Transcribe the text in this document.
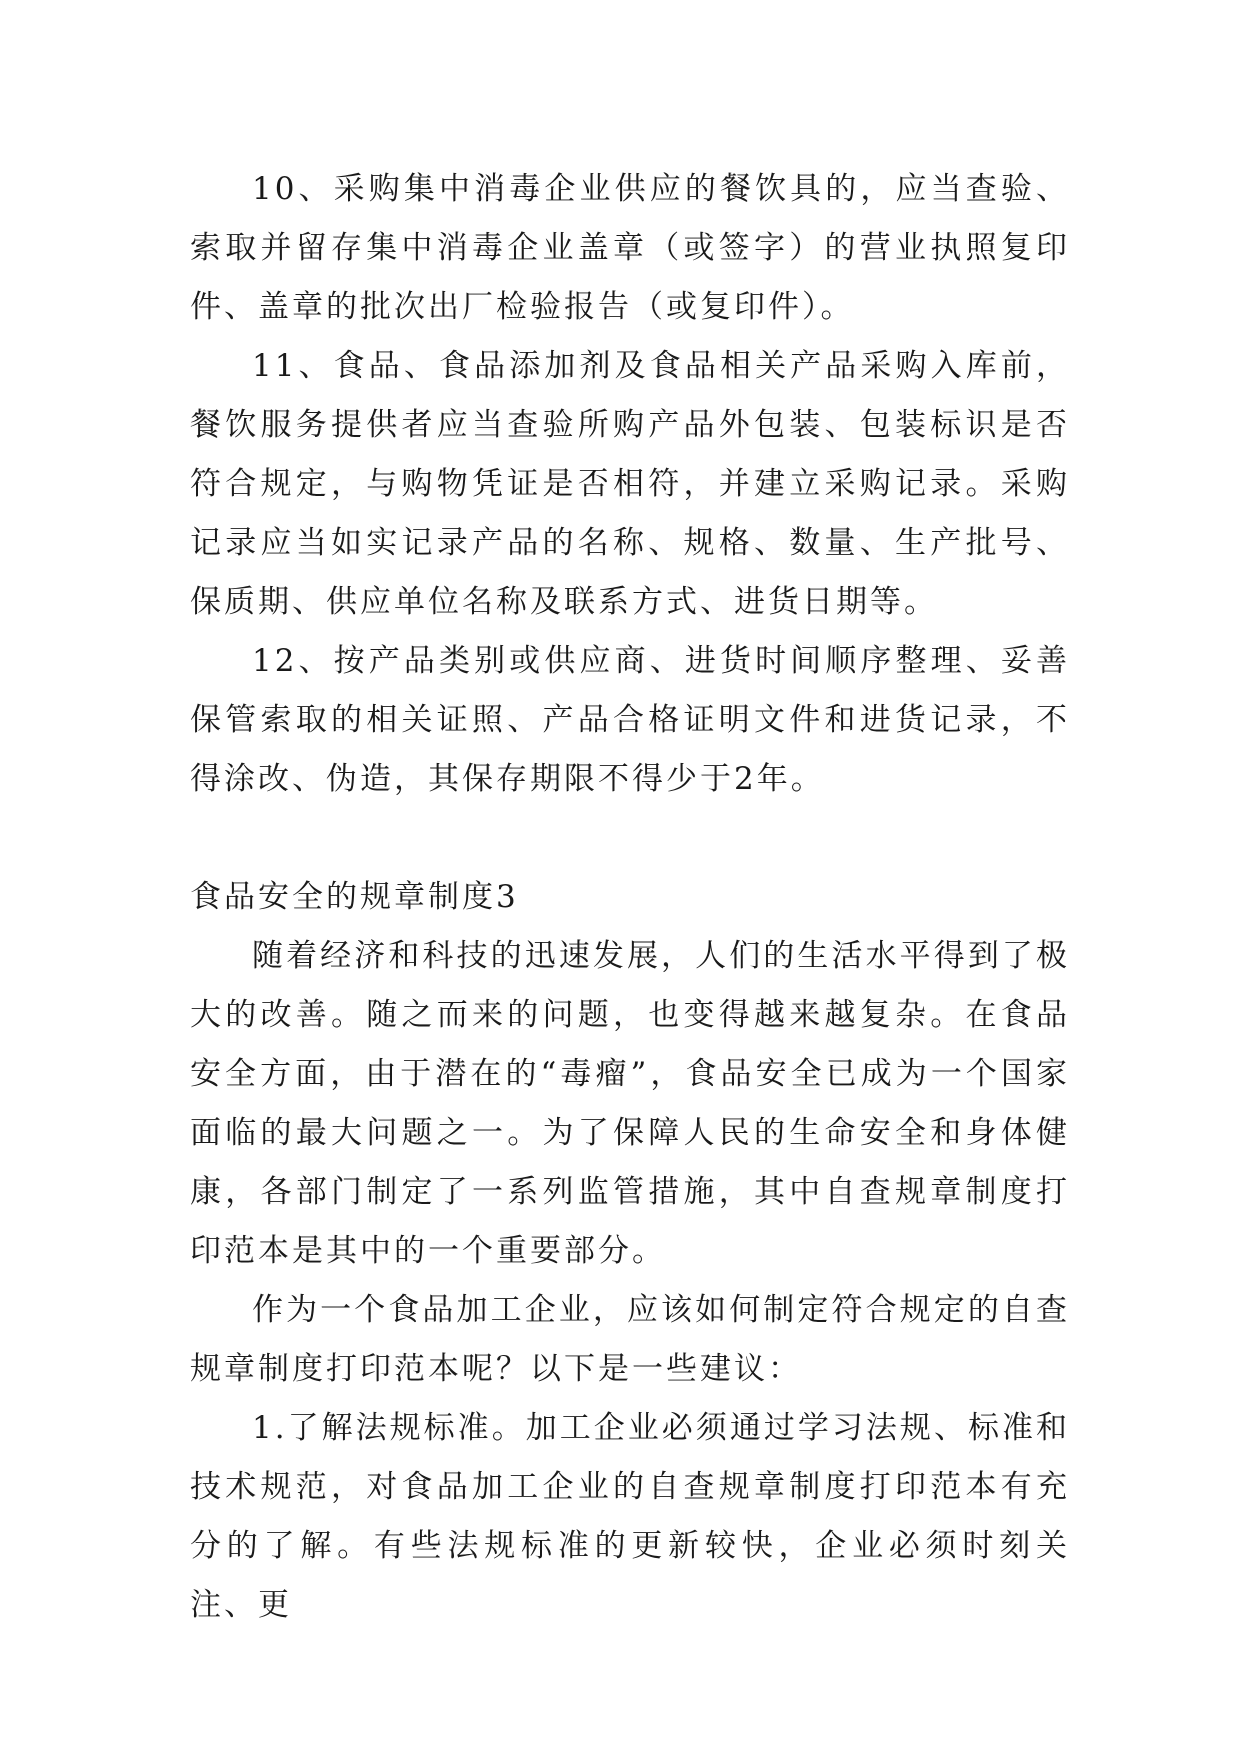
10、采购集中消毒企业供应的餐饮具的，应当查验、索取并留存集中消毒企业盖章（或签字）的营业执照复印件、盖章的批次出厂检验报告（或复印件）。

11、食品、食品添加剂及食品相关产品采购入库前，餐饮服务提供者应当查验所购产品外包装、包装标识是否符合规定，与购物凭证是否相符，并建立采购记录。采购记录应当如实记录产品的名称、规格、数量、生产批号、保质期、供应单位名称及联系方式、进货日期等。

12、按产品类别或供应商、进货时间顺序整理、妥善保管索取的相关证照、产品合格证明文件和进货记录，不得涂改、伪造，其保存期限不得少于2年。

食品安全的规章制度3

随着经济和科技的迅速发展，人们的生活水平得到了极大的改善。随之而来的问题，也变得越来越复杂。在食品安全方面，由于潜在的“毒瘤”，食品安全已成为一个国家面临的最大问题之一。为了保障人民的生命安全和身体健康，各部门制定了一系列监管措施，其中自查规章制度打印范本是其中的一个重要部分。

作为一个食品加工企业，应该如何制定符合规定的自查规章制度打印范本呢？以下是一些建议：

1.了解法规标准。加工企业必须通过学习法规、标准和技术规范，对食品加工企业的自查规章制度打印范本有充分的了解。有些法规标准的更新较快，企业必须时刻关注、更
